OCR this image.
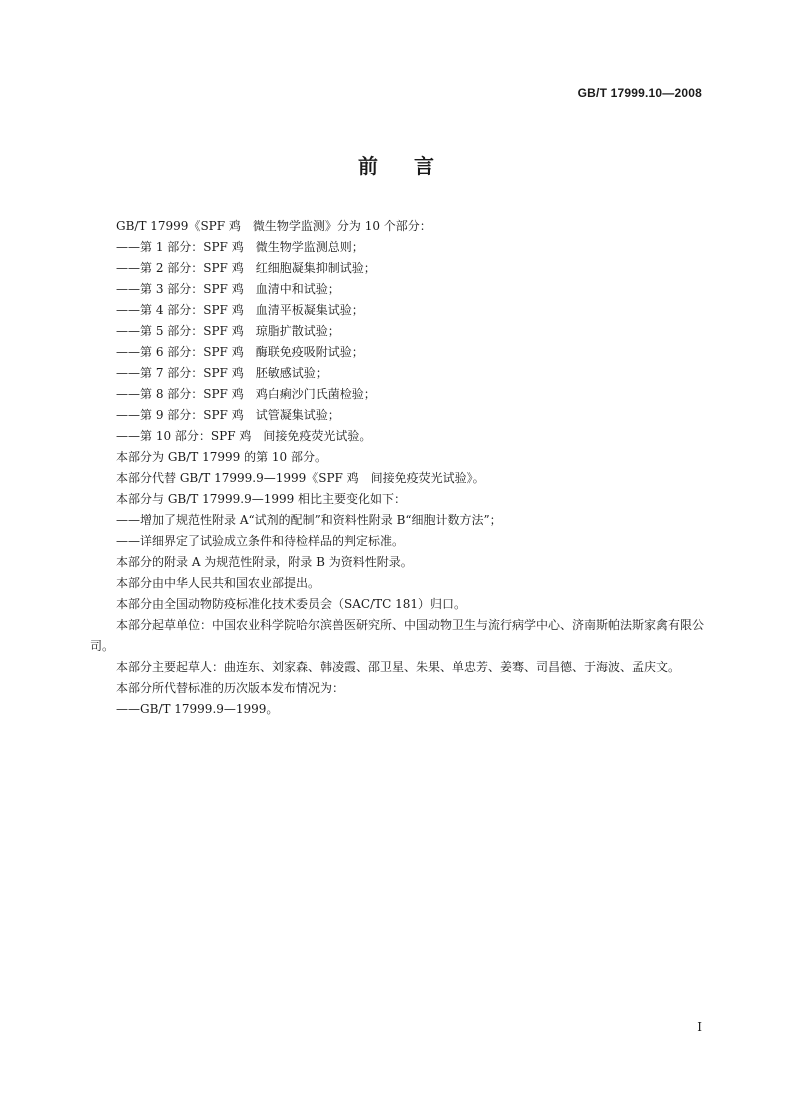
GB/T 17999.10—2008
前言

GB/T 17999《SPF 鸡　微生物学监测》分为 10 个部分：

——第 1 部分：SPF 鸡　微生物学监测总则；

——第 2 部分：SPF 鸡　红细胞凝集抑制试验；

——第 3 部分：SPF 鸡　血清中和试验；

——第 4 部分：SPF 鸡　血清平板凝集试验；

——第 5 部分：SPF 鸡　琼脂扩散试验；

——第 6 部分：SPF 鸡　酶联免疫吸附试验；

——第 7 部分：SPF 鸡　胚敏感试验；

——第 8 部分：SPF 鸡　鸡白痢沙门氏菌检验；

——第 9 部分：SPF 鸡　试管凝集试验；

——第 10 部分：SPF 鸡　间接免疫荧光试验。

本部分为 GB/T 17999 的第 10 部分。

本部分代替 GB/T 17999.9—1999《SPF 鸡　间接免疫荧光试验》。

本部分与 GB/T 17999.9—1999 相比主要变化如下：

——增加了规范性附录 A“试剂的配制”和资料性附录 B“细胞计数方法”；

——详细界定了试验成立条件和待检样品的判定标准。

本部分的附录 A 为规范性附录，附录 B 为资料性附录。

本部分由中华人民共和国农业部提出。

本部分由全国动物防疫标准化技术委员会（SAC/TC 181）归口。

本部分起草单位：中国农业科学院哈尔滨兽医研究所、中国动物卫生与流行病学中心、济南斯帕法斯家禽有限公司。

本部分主要起草人：曲连东、刘家森、韩凌霞、邵卫星、朱果、单忠芳、姜骞、司昌德、于海波、孟庆文。

本部分所代替标准的历次版本发布情况为：

——GB/T 17999.9—1999。

I
